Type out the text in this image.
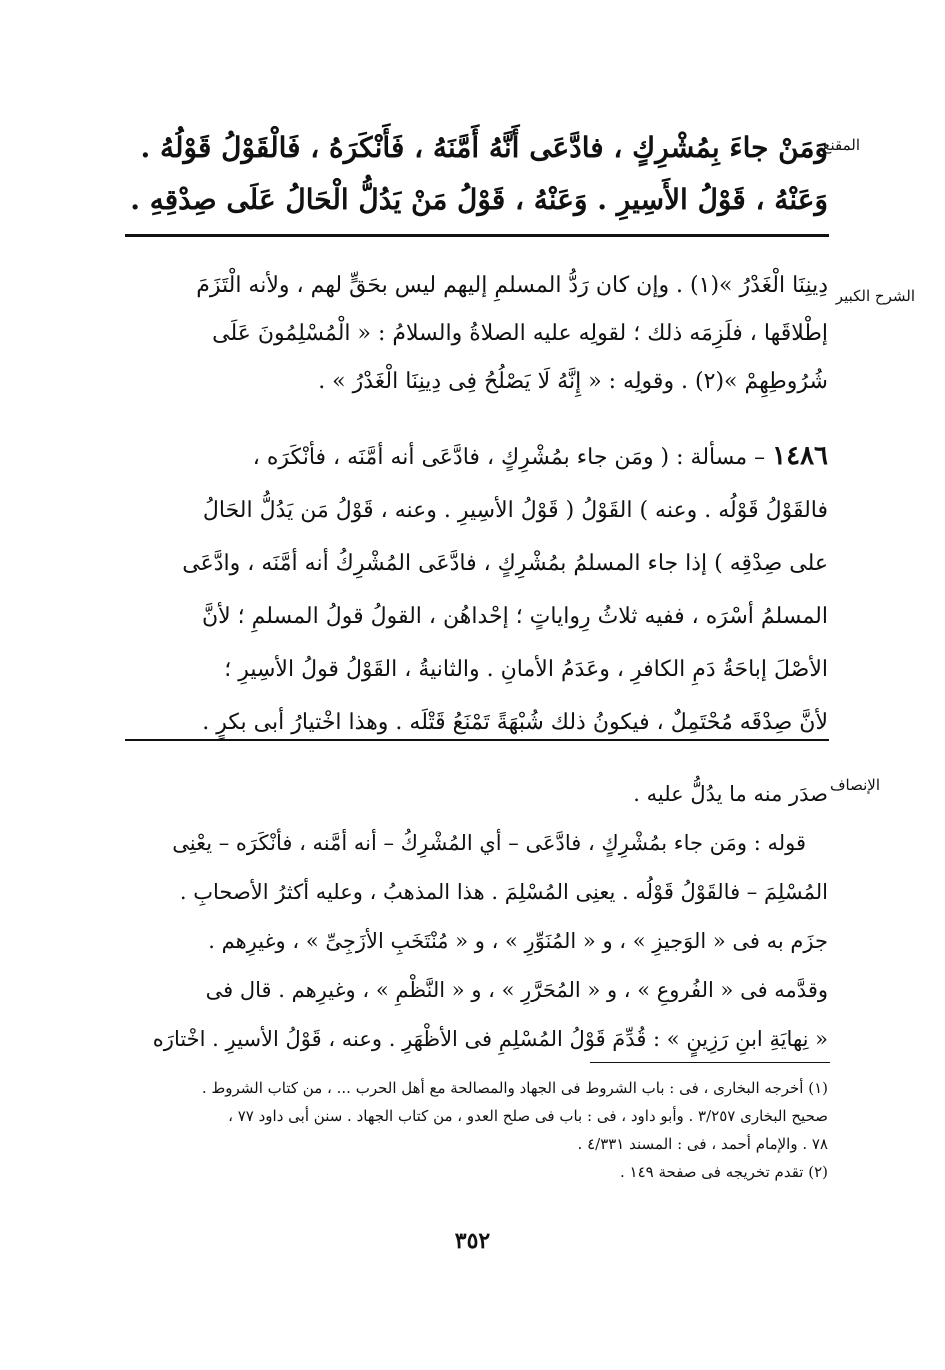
المقنع
وَمَنْ جاءَ بِمُشْرِكٍ ، فادَّعَى أَنَّهُ أَمَّنَهُ ، فَأَنْكَرَهُ ، فَالْقَوْلُ قَوْلُهُ .
وَعَنْهُ ، قَوْلُ الأَسِيرِ . وَعَنْهُ ، قَوْلُ مَنْ يَدُلُّ الْحَالُ عَلَى صِدْقِهِ .
الشرح الكبير
دِينِنَا الْغَدْرُ »(١) . وإن كان رَدُّ المسلمِ إليهم ليس بحَقٍّ لهم ، ولأنه الْتَزَمَ
إطْلاقَها ، فلَزِمَه ذلك ؛ لقولِه عليه الصلاةُ والسلامُ : « الْمُسْلِمُونَ عَلَى
شُرُوطِهِمْ »(٢) . وقولِه : « إِنَّهُ لَا يَصْلُحُ فِى دِينِنَا الْغَدْرُ » .
١٤٨٦ – مسألة : ( ومَن جاء بمُشْرِكٍ ، فادَّعَى أنه أمَّنَه ، فأنْكَرَه ،
فالقَوْلُ قَوْلُه . وعنه ) القَوْلُ ( قَوْلُ الأسِيرِ . وعنه ، قَوْلُ مَن يَدُلُّ الحَالُ
على صِدْقِه ) إذا جاء المسلمُ بمُشْرِكٍ ، فادَّعَى المُشْرِكُ أنه أمَّنَه ، وادَّعَى
المسلمُ أسْرَه ، ففيه ثلاثُ رِواياتٍ ؛ إحْداهُن ، القولُ قولُ المسلمِ ؛ لأنَّ
الأصْلَ إباحَةُ دَمِ الكافرِ ، وعَدَمُ الأمانِ . والثانيةُ ، القَوْلُ قولُ الأسِيرِ ؛
لأنَّ صِدْقَه مُحْتَمِلٌ ، فيكونُ ذلك شُبْهَةً تَمْنَعُ قَتْلَه . وهذا اخْتيارُ أبى بكرٍ .
الإنصاف
صدَر منه ما يدُلُّ عليه .
قوله : ومَن جاء بمُشْرِكٍ ، فادَّعَى – أي المُشْرِكُ – أنه أمَّنه ، فأنْكَرَه – يعْنِى
المُسْلِمَ – فالقَوْلُ قَوْلُه . يعنِى المُسْلِمَ . هذا المذهبُ ، وعليه أكثرُ الأصحابِ .
جزَم به فى « الوَجيزِ » ، و « المُنَوِّرِ » ، و « مُنْتَخَبِ الأزَجِىِّ » ، وغيرِهم .
وقدَّمه فى « الفُروعِ » ، و « المُحَرَّرِ » ، و « النَّظْمِ » ، وغيرِهم . قال فى
« نِهايَةِ ابنِ رَزِينٍ » : قُدِّمَ قَوْلُ المُسْلِمِ فى الأظْهَرِ . وعنه ، قَوْلُ الأسيرِ . اخْتارَه
(١) أخرجه البخارى ، فى : باب الشروط فى الجهاد والمصالحة مع أهل الحرب ... ، من كتاب الشروط .
صحيح البخارى ٣/٢٥٧ . وأبو داود ، فى : باب فى صلح العدو ، من كتاب الجهاد . سنن أبى داود ٧٧ ،
٧٨ . والإمام أحمد ، فى : المسند ٤/٣٣١ .
(٢) تقدم تخريجه فى صفحة ١٤٩ .
٣٥٢
